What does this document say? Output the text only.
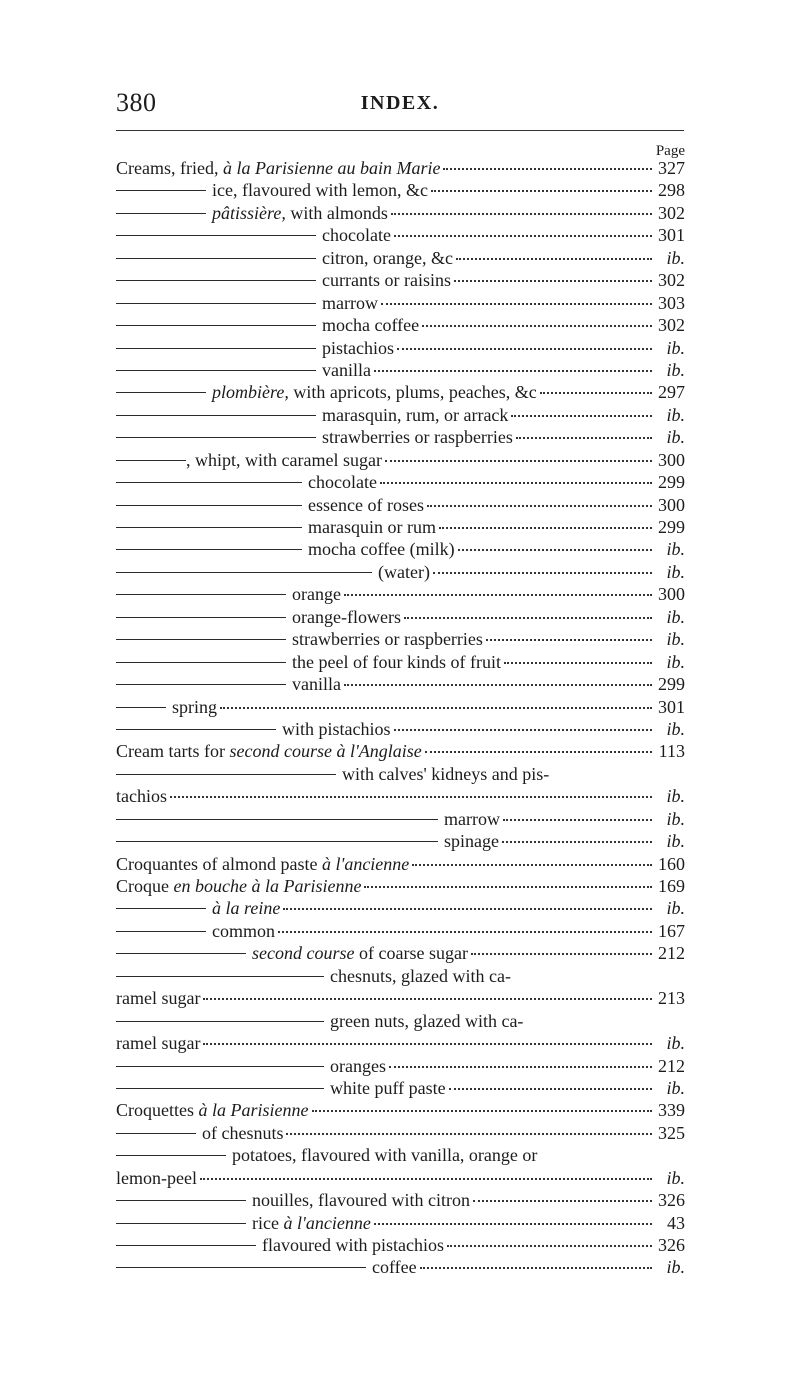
380	INDEX.
Page
Creams, fried, à la Parisienne au bain Marie	327
ice, flavoured with lemon, &c	298
pâtissière, with almonds	302
chocolate	301
citron, orange, &c	ib.
currants or raisins	302
marrow	303
mocha coffee	302
pistachios	ib.
vanilla	ib.
plombière, with apricots, plums, peaches, &c	297
marasquin, rum, or arrack	ib.
strawberries or raspberries	ib.
, whipt, with caramel sugar	300
chocolate	299
essence of roses	300
marasquin or rum	299
mocha coffee (milk)	ib.
(water)	ib.
orange	300
orange-flowers	ib.
strawberries or raspberries	ib.
the peel of four kinds of fruit	ib.
vanilla	299
spring	301
with pistachios	ib.
Cream tarts for second course à l'Anglaise	113
with calves' kidneys and pis-
tachios	ib.
marrow	ib.
spinage	ib.
Croquantes of almond paste à l'ancienne	160
Croque en bouche à la Parisienne	169
à la reine	ib.
common	167
second course of coarse sugar	212
chesnuts, glazed with ca-
ramel sugar	213
green nuts, glazed with ca-
ramel sugar	ib.
oranges	212
white puff paste	ib.
Croquettes à la Parisienne	339
of chesnuts	325
potatoes, flavoured with vanilla, orange or
lemon-peel	ib.
nouilles, flavoured with citron	326
rice à l'ancienne	43
flavoured with pistachios	326
coffee	ib.
